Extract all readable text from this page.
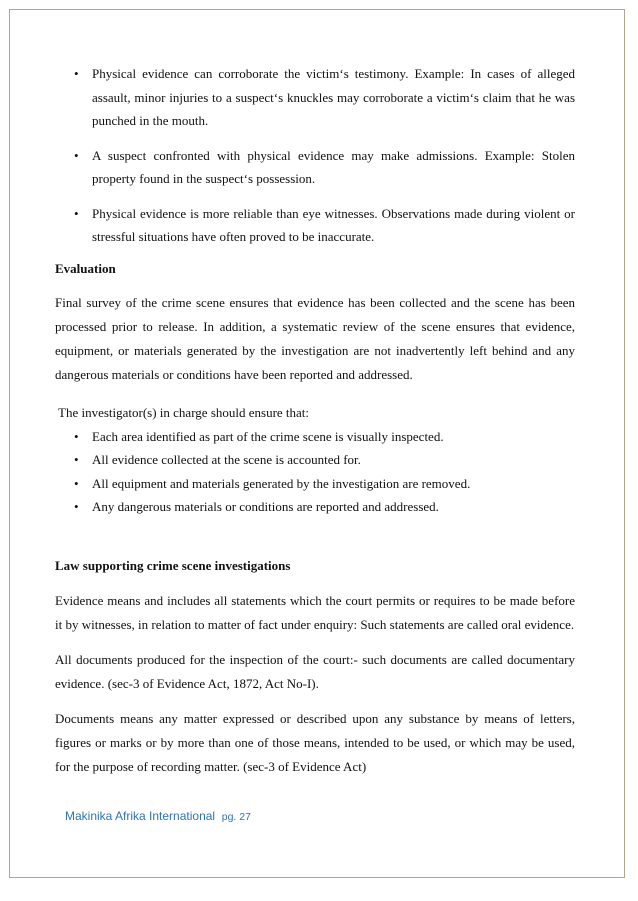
• Physical evidence can corroborate the victim‘s testimony. Example: In cases of alleged assault, minor injuries to a suspect‘s knuckles may corroborate a victim‘s claim that he was punched in the mouth.
• A suspect confronted with physical evidence may make admissions. Example: Stolen property found in the suspect‘s possession.
• Physical evidence is more reliable than eye witnesses. Observations made during violent or stressful situations have often proved to be inaccurate.

Evaluation

Final survey of the crime scene ensures that evidence has been collected and the scene has been processed prior to release. In addition, a systematic review of the scene ensures that evidence, equipment, or materials generated by the investigation are not inadvertently left behind and any dangerous materials or conditions have been reported and addressed.

The investigator(s) in charge should ensure that:

• Each area identified as part of the crime scene is visually inspected.
• All evidence collected at the scene is accounted for.
• All equipment and materials generated by the investigation are removed.
• Any dangerous materials or conditions are reported and addressed.

Law supporting crime scene investigations

Evidence means and includes all statements which the court permits or requires to be made before it by witnesses, in relation to matter of fact under enquiry: Such statements are called oral evidence.

All documents produced for the inspection of the court:- such documents are called documentary evidence. (sec-3 of Evidence Act, 1872, Act No-I).

Documents means any matter expressed or described upon any substance by means of letters, figures or marks or by more than one of those means, intended to be used, or which may be used, for the purpose of recording matter. (sec-3 of Evidence Act)

Makinika Afrika International pg. 27
